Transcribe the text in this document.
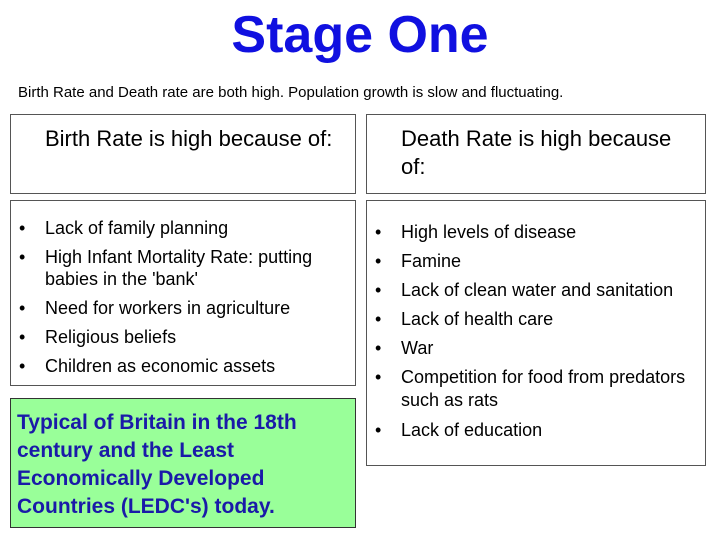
Stage One
Birth Rate and Death rate are both high. Population growth is slow and fluctuating.
Birth Rate is high because of:
• Lack of family planning
• High Infant Mortality Rate: putting babies in the 'bank'
• Need for workers in agriculture
• Religious beliefs
• Children as economic assets
Death Rate is high because of:
• High levels of disease
• Famine
• Lack of clean water and sanitation
• Lack of health care
• War
• Competition for food from predators such as rats
• Lack of education
Typical of Britain in the 18th century and the Least Economically Developed Countries (LEDC's) today.
